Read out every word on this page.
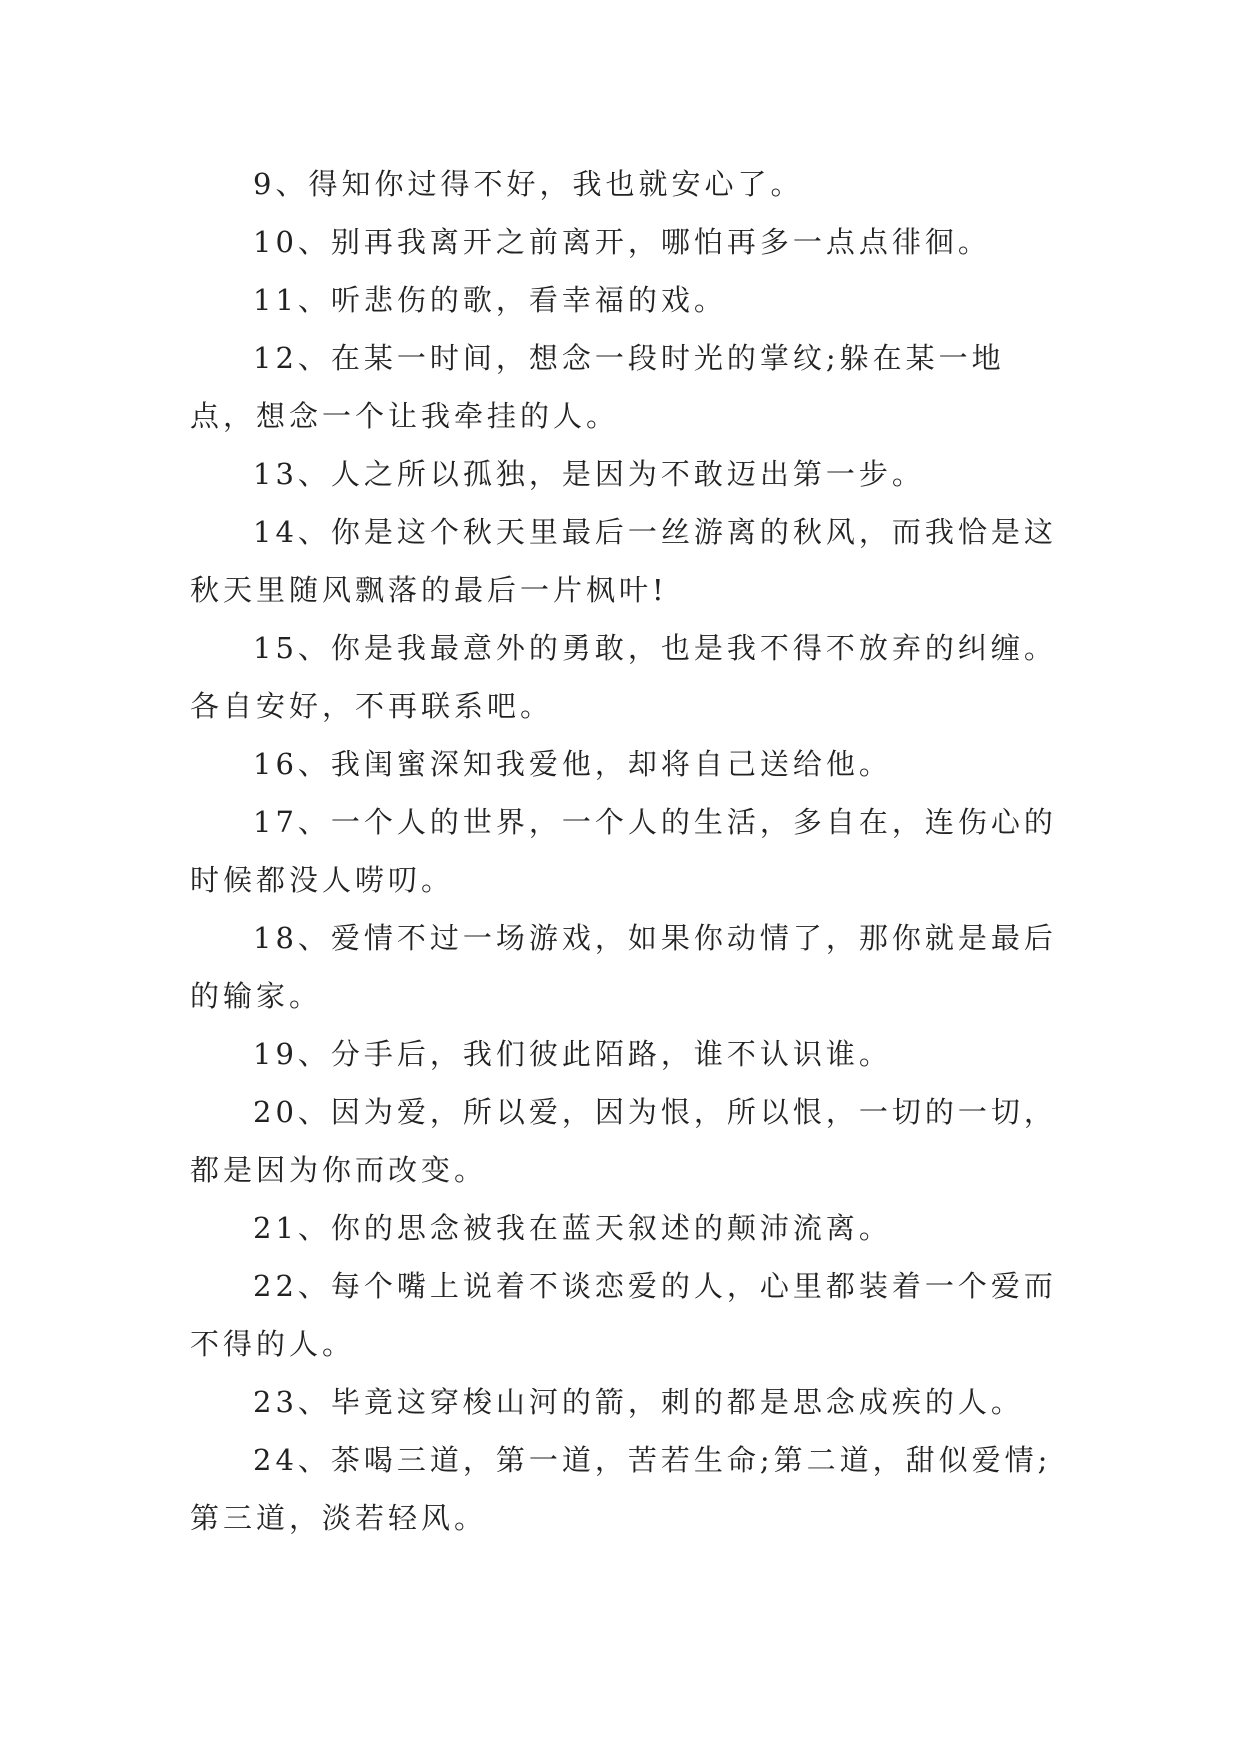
9、得知你过得不好，我也就安心了。

10、别再我离开之前离开，哪怕再多一点点徘徊。

11、听悲伤的歌，看幸福的戏。

12、在某一时间，想念一段时光的掌纹;躲在某一地点，想念一个让我牵挂的人。

13、人之所以孤独，是因为不敢迈出第一步。

14、你是这个秋天里最后一丝游离的秋风，而我恰是这秋天里随风飘落的最后一片枫叶!

15、你是我最意外的勇敢，也是我不得不放弃的纠缠。各自安好，不再联系吧。

16、我闺蜜深知我爱他，却将自己送给他。

17、一个人的世界，一个人的生活，多自在，连伤心的时候都没人唠叨。

18、爱情不过一场游戏，如果你动情了，那你就是最后的输家。

19、分手后，我们彼此陌路，谁不认识谁。

20、因为爱，所以爱，因为恨，所以恨，一切的一切，都是因为你而改变。

21、你的思念被我在蓝天叙述的颠沛流离。

22、每个嘴上说着不谈恋爱的人，心里都装着一个爱而不得的人。

23、毕竟这穿梭山河的箭，刺的都是思念成疾的人。

24、茶喝三道，第一道，苦若生命;第二道，甜似爱情;第三道，淡若轻风。
